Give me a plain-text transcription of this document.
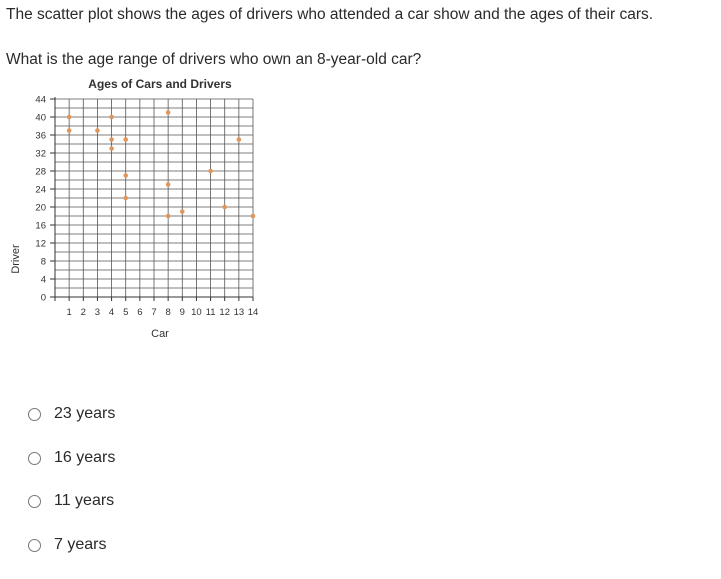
The scatter plot shows the ages of drivers who attended a car show and the ages of their cars.

What is the age range of drivers who own an 8-year-old car?

Ages of Cars and Drivers
Driver
Car
1 2 3 4 5 6 7 8 9 10 11 12 13 14
0
4
8
12
16
20
24
28
32
36
40
44
23 years
16 years
11 years
7 years
